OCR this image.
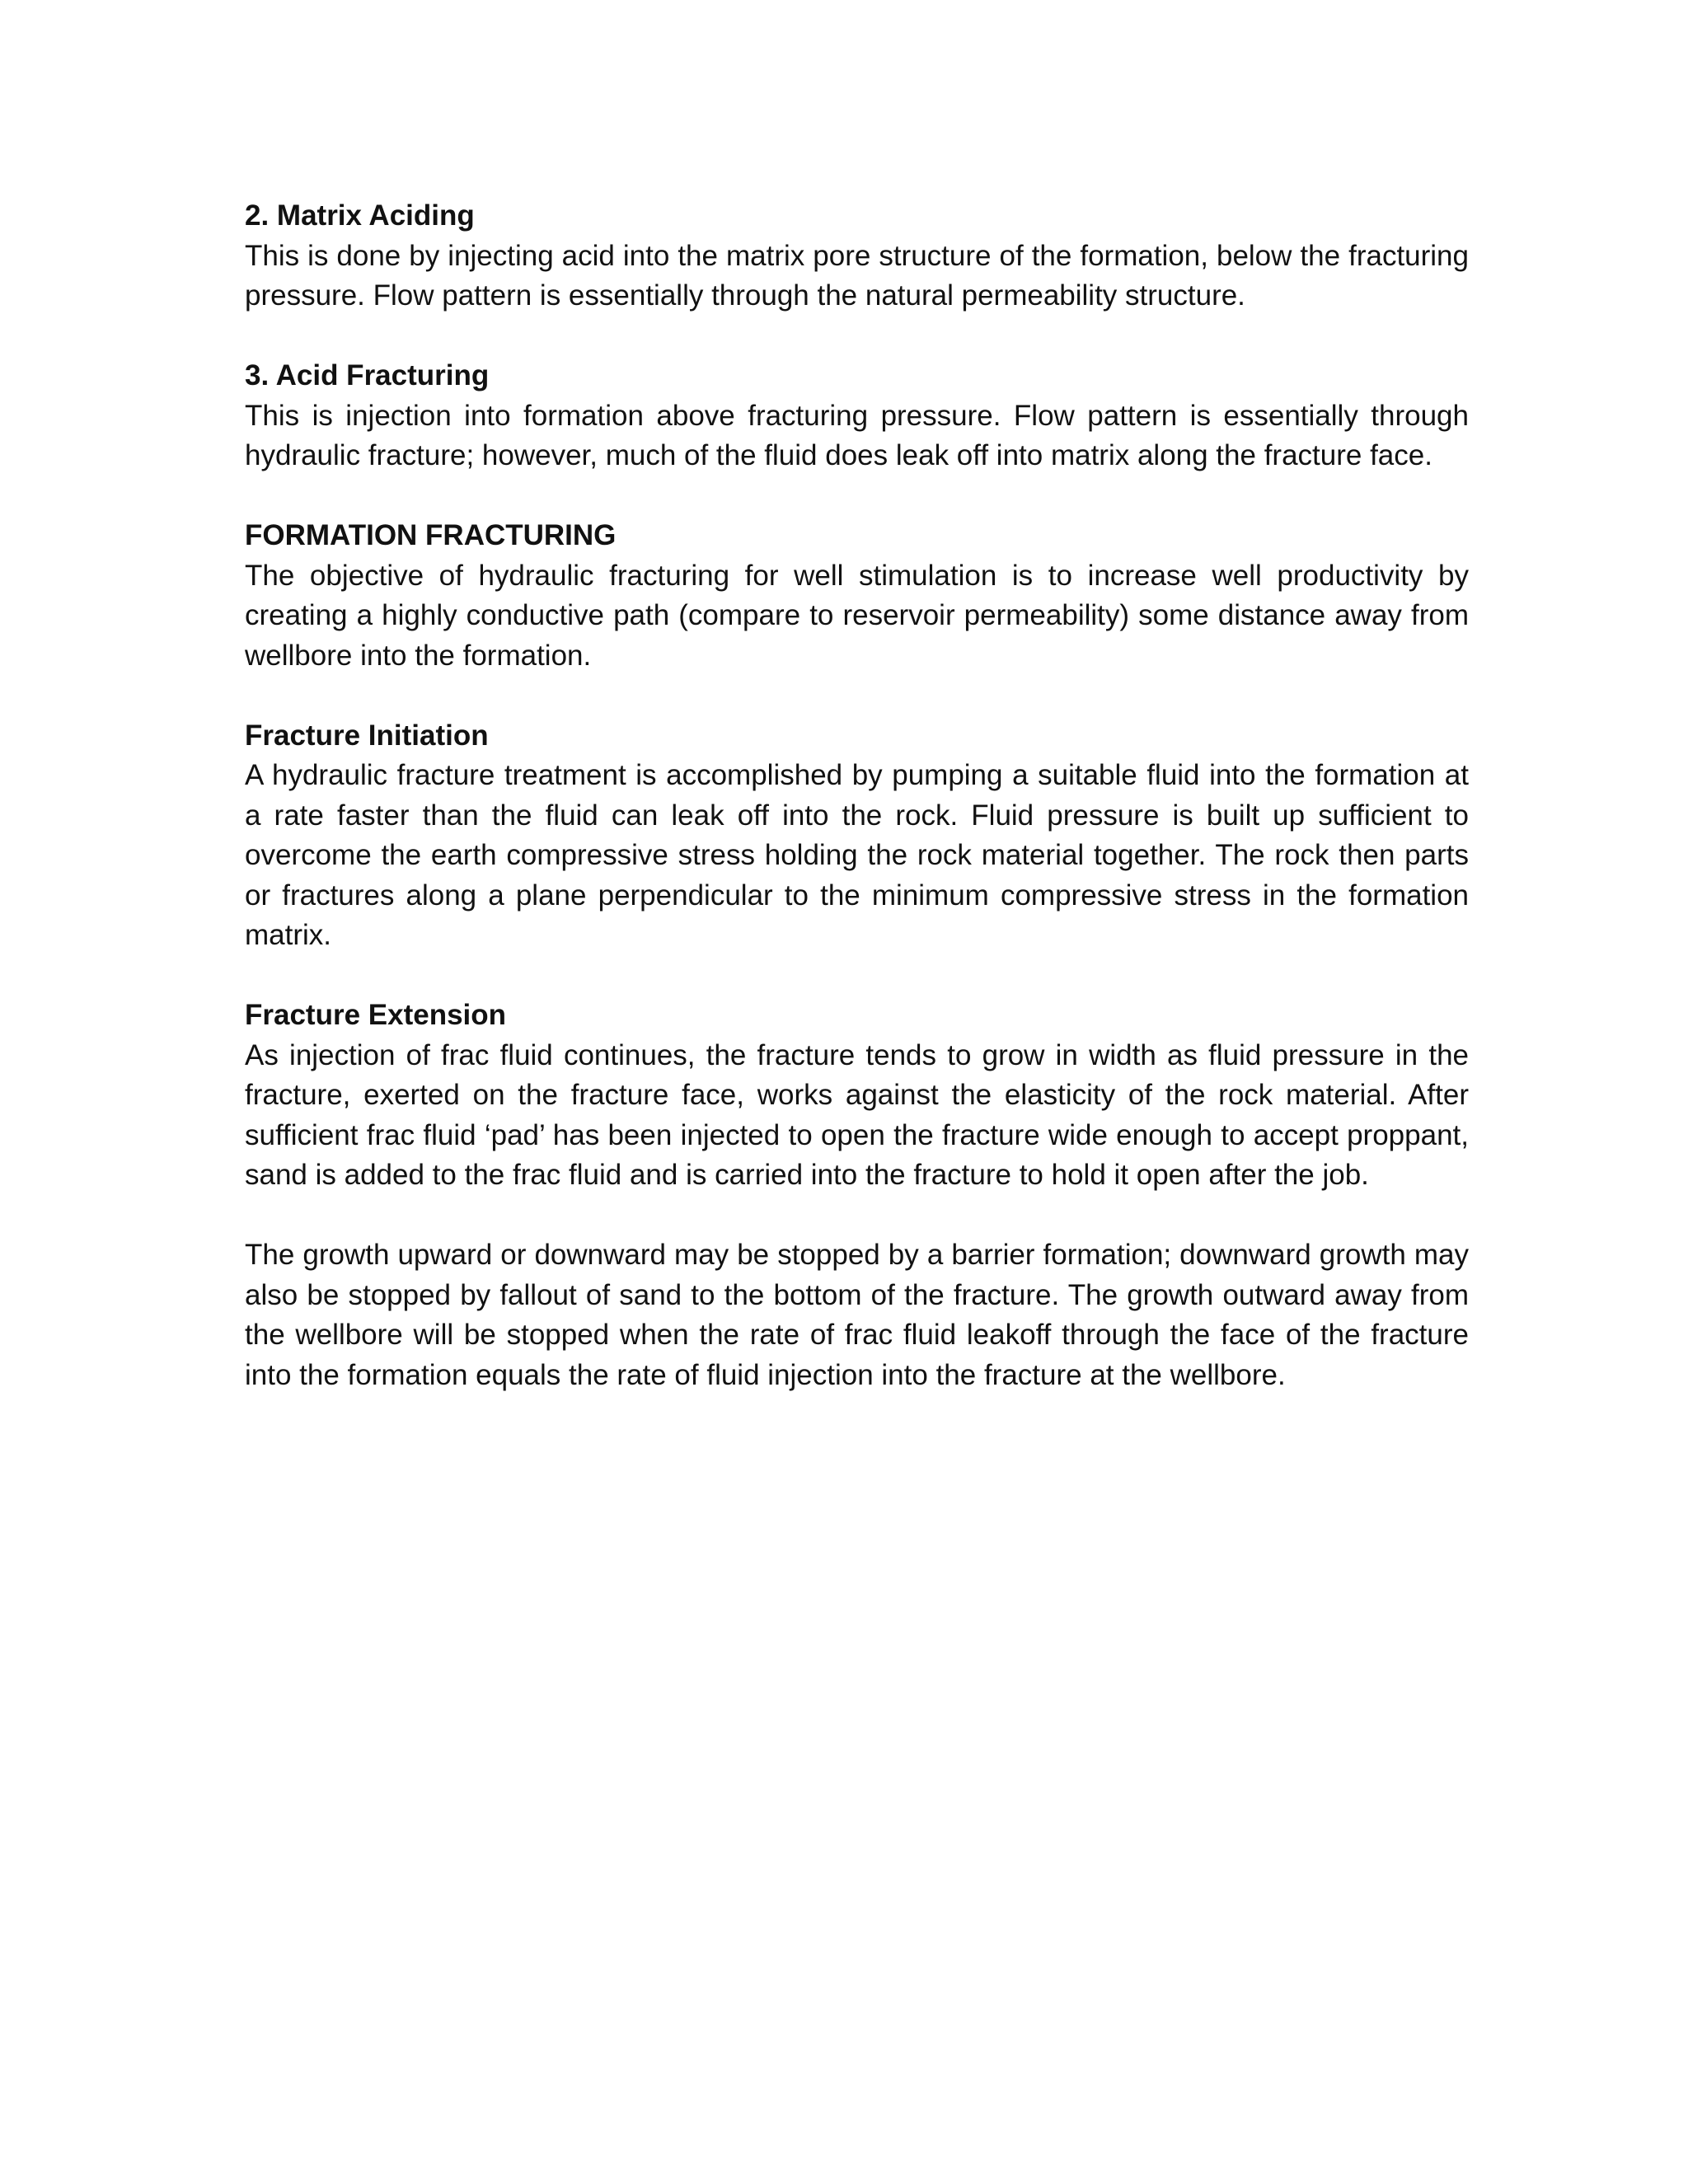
2. Matrix Aciding

This is done by injecting acid into the matrix pore structure of the formation, below the fracturing pressure. Flow pattern is essentially through the natural permeability structure.

3. Acid Fracturing

This is injection into formation above fracturing pressure. Flow pattern is essentially through hydraulic fracture; however, much of the fluid does leak off into matrix along the fracture face.

FORMATION FRACTURING

The objective of hydraulic fracturing for well stimulation is to increase well productivity by creating a highly conductive path (compare to reservoir permeability) some distance away from wellbore into the formation.

Fracture Initiation

A hydraulic fracture treatment is accomplished by pumping a suitable fluid into the formation at a rate faster than the fluid can leak off into the rock. Fluid pressure is built up sufficient to overcome the earth compressive stress holding the rock material together. The rock then parts or fractures along a plane perpendicular to the minimum compressive stress in the formation matrix.

Fracture Extension

As injection of frac fluid continues, the fracture tends to grow in width as fluid pressure in the fracture, exerted on the fracture face, works against the elasticity of the rock material. After sufficient frac fluid ‘pad’ has been injected to open the fracture wide enough to accept proppant, sand is added to the frac fluid and is carried into the fracture to hold it open after the job.

The growth upward or downward may be stopped by a barrier formation; downward growth may also be stopped by fallout of sand to the bottom of the fracture. The growth outward away from the wellbore will be stopped when the rate of frac fluid leakoff through the face of the fracture into the formation equals the rate of fluid injection into the fracture at the wellbore.
